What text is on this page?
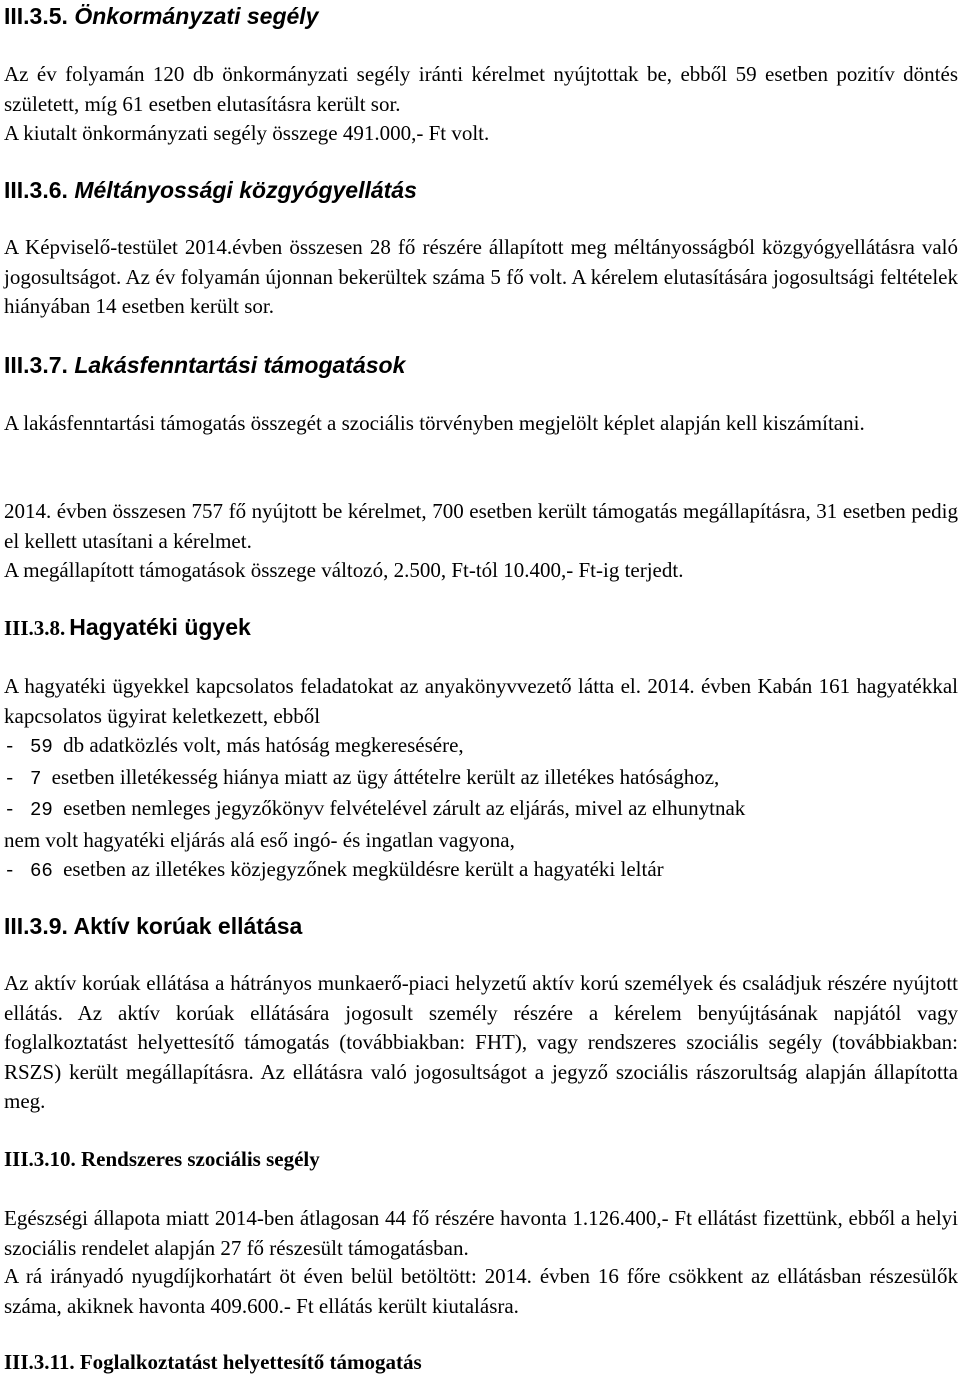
III.3.5. Önkormányzati segély
Az év folyamán 120 db önkormányzati segély iránti kérelmet nyújtottak be, ebből 59 esetben pozitív döntés született, míg 61 esetben elutasításra került sor.
A kiutalt önkormányzati segély összege 491.000,- Ft volt.
III.3.6. Méltányossági közgyógyellátás
A Képviselő-testület 2014.évben összesen 28 fő részére állapított meg méltányosságból közgyógyellátásra való jogosultságot. Az év folyamán újonnan bekerültek száma 5 fő volt. A kérelem elutasítására jogosultsági feltételek hiányában 14 esetben került sor.
III.3.7. Lakásfenntartási támogatások
A lakásfenntartási támogatás összegét a szociális törvényben megjelölt képlet alapján kell kiszámítani.
2014. évben összesen 757 fő nyújtott be kérelmet, 700 esetben került támogatás megállapításra, 31 esetben pedig el kellett utasítani a kérelmet.
A megállapított támogatások összege változó, 2.500, Ft-tól 10.400,- Ft-ig terjedt.
III.3.8. Hagyatéki ügyek
A hagyatéki ügyekkel kapcsolatos feladatokat az anyakönyvvezető látta el. 2014. évben Kabán 161 hagyatékkal kapcsolatos ügyirat keletkezett, ebből
- 59 db adatközlés volt, más hatóság megkeresésére,
- 7 esetben illetékesség hiánya miatt az ügy áttételre került az illetékes hatósághoz,
- 29 esetben nemleges jegyzőkönyv felvételével zárult az eljárás, mivel az elhunytnak
nem volt hagyatéki eljárás alá eső ingó- és ingatlan vagyona,
- 66 esetben az illetékes közjegyzőnek megküldésre került a hagyatéki leltár
III.3.9. Aktív korúak ellátása
Az aktív korúak ellátása a hátrányos munkaerő-piaci helyzetű aktív korú személyek és családjuk részére nyújtott ellátás. Az aktív korúak ellátására jogosult személy részére a kérelem benyújtásának napjától vagy foglalkoztatást helyettesítő támogatás (továbbiakban: FHT), vagy rendszeres szociális segély (továbbiakban: RSZS) került megállapításra. Az ellátásra való jogosultságot a jegyző szociális rászorultság alapján állapította meg.
III.3.10. Rendszeres szociális segély
Egészségi állapota miatt 2014-ben átlagosan 44 fő részére havonta 1.126.400,- Ft ellátást fizettünk, ebből a helyi szociális rendelet alapján 27 fő részesült támogatásban.
A rá irányadó nyugdíjkorhatárt öt éven belül betöltött: 2014. évben 16 főre csökkent az ellátásban részesülők száma, akiknek havonta 409.600.- Ft ellátás került kiutalásra.
III.3.11. Foglalkoztatást helyettesítő támogatás
